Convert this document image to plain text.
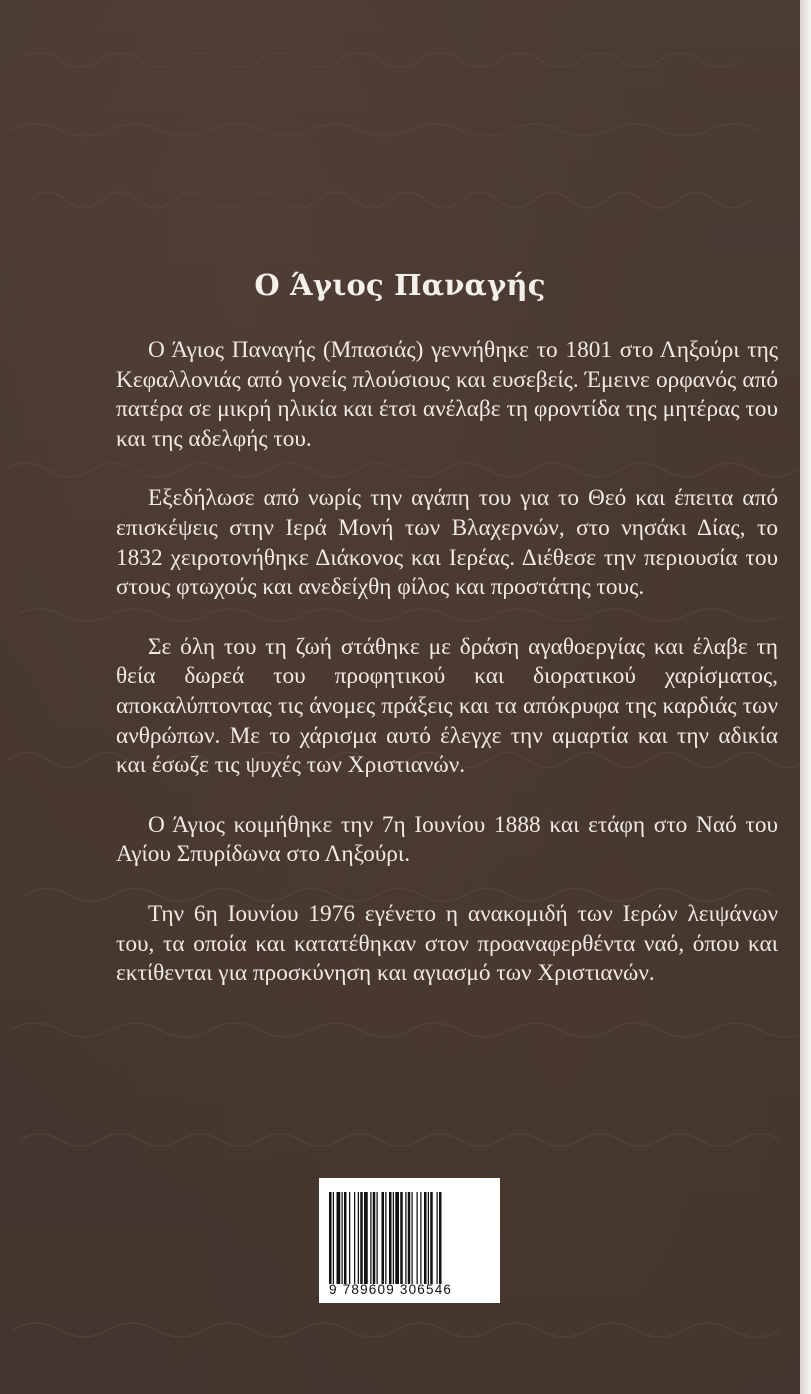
Ο Άγιος Παναγής

Ο Άγιος Παναγής (Μπασιάς) γεννήθηκε το 1801 στο Ληξούρι της Κεφαλλονιάς από γονείς πλούσιους και ευσεβείς. Έμεινε ορφανός από πατέρα σε μικρή ηλικία και έτσι ανέλαβε τη φροντίδα της μητέρας του και της αδελφής του.

Εξεδήλωσε από νωρίς την αγάπη του για το Θεό και έπειτα από επισκέψεις στην Ιερά Μονή των Βλαχερνών, στο νησάκι Δίας, το 1832 χειροτονήθηκε Διάκονος και Ιερέας. Διέθεσε την περιουσία του στους φτωχούς και ανεδείχθη φίλος και προστάτης τους.

Σε όλη του τη ζωή στάθηκε με δράση αγαθοεργίας και έλαβε τη θεία δωρεά του προφητικού και διορατικού χαρίσματος, αποκαλύπτοντας τις άνομες πράξεις και τα απόκρυφα της καρδιάς των ανθρώπων. Με το χάρισμα αυτό έλεγχε την αμαρτία και την αδικία και έσωζε τις ψυχές των Χριστιανών.

Ο Άγιος κοιμήθηκε την 7η Ιουνίου 1888 και ετάφη στο Ναό του Αγίου Σπυρίδωνα στο Ληξούρι.

Την 6η Ιουνίου 1976 εγένετο η ανακομιδή των Ιερών λειψάνων του, τα οποία και κατατέθηκαν στον προαναφερθέντα ναό, όπου και εκτίθενται για προσκύνηση και αγιασμό των Χριστιανών.

9 789609 306546
